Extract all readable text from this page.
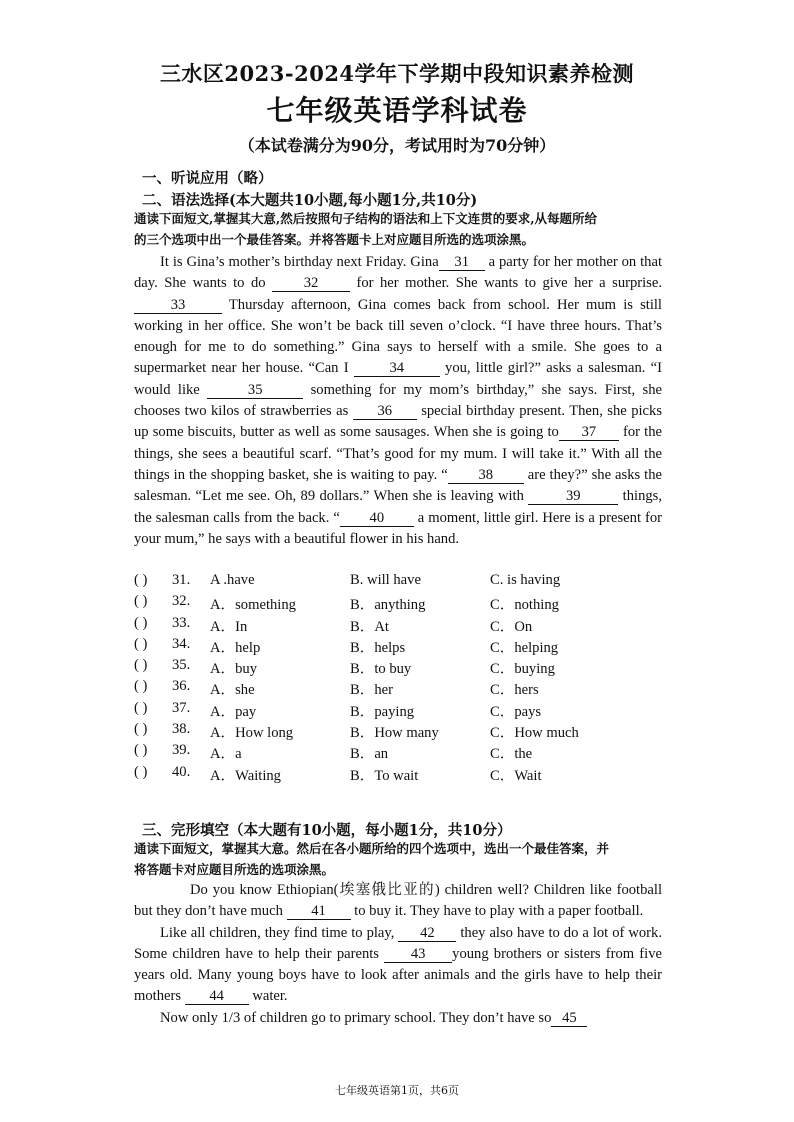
三水区2023-2024学年下学期中段知识素养检测
七年级英语学科试卷
（本试卷满分为90分，考试用时为70分钟）
一、听说应用（略）
二、语法选择(本大题共10小题,每小题1分,共10分)
通读下面短文,掌握其大意,然后按照句子结构的语法和上下文连贯的要求,从每题所给
的三个选项中出一个最佳答案。并将答题卡上对应题目所选的选项涂黑。

It is Gina’s mother’s birthday next Friday. Gina 31 a party for her mother on that day. She wants to do 32 for her mother. She wants to give her a surprise. 33	Thursday afternoon, Gina comes back from school. Her mum is still working in her office. She won’t be back till seven o’clock. “I have three hours. That’s enough for me to do something.” Gina says to herself with a smile. She goes to a supermarket near her house. “Can I 34 you, little girl?” asks a salesman. “I would like	35	something for my mom’s birthday,” she says. First, she chooses two kilos of strawberries as 36 special birthday present. Then, she picks up some biscuits, butter as well as some sausages. When she is going to 37 for the things, she sees a beautiful scarf. “That’s good for my mum. I will take it.” With all the things in the shopping basket, she is waiting to pay. “ 38 are they?” she asks the salesman. “Let me see. Oh, 89 dollars.” When she is leaving with	39	things, the salesman calls from the back. “ 40 a moment, little girl. Here is a present for your mum,” he says with a beautiful flower in his hand.

( ) 31. A .have	B. will have	C. is having
( ) 32. A．something	B．anything	C．nothing
( ) 33. A．In	B．At	C．On
( ) 34. A．help	B．helps	C．helping
( ) 35. A．buy	B．to buy	C．buying
( ) 36. A．she	B．her	C．hers
( ) 37. A．pay	B．paying	C．pays
( ) 38. A．How long	B．How many	C．How much
( ) 39. A．a	B．an	C．the
( ) 40. A．Waiting	B．To wait	C．Wait
三、完形填空（本大题有10小题，每小题1分，共10分）
通读下面短文，掌握其大意。然后在各小题所给的四个选项中，选出一个最佳答案，并
将答题卡对应题目所选的选项涂黑。

Do you know Ethiopian(埃塞俄比亚的) children well? Children like football but they don’t have much 41 to buy it. They have to play with a paper football.

Like all children, they find time to play, 42 they also have to do a lot of work. Some children have to help their parents 43 young brothers or sisters from five years old. Many young boys have to look after animals and the girls have to help their mothers 44 water.

Now only 1/3 of children go to primary school. They don’t have so 45

七年级英语第1页，共6页
